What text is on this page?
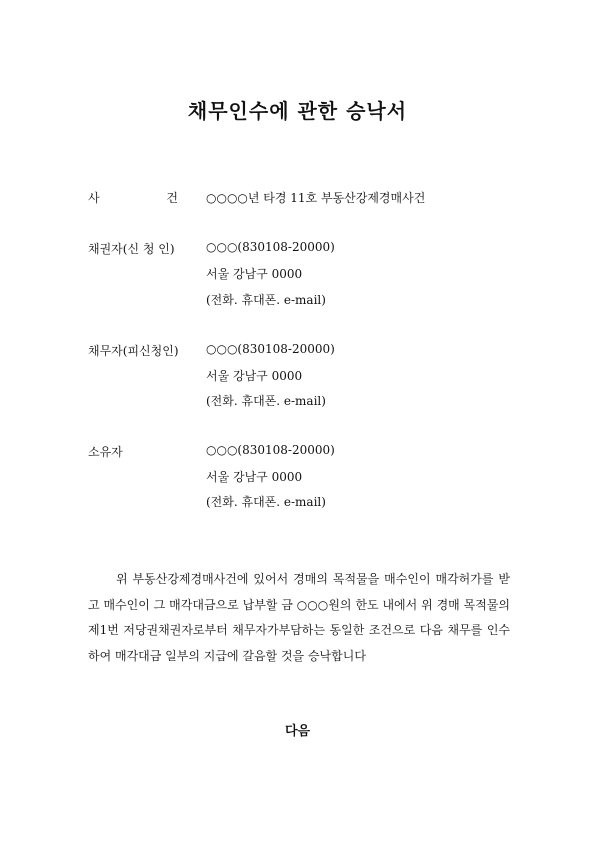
채무인수에 관한 승낙서
사	건 ○○○○년 타경 11호 부동산강제경매사건
채권자(신 청 인)	○○○(830108-20000)
서울 강남구 0000
(전화. 휴대폰. e-mail)
채무자(피신청인) ○○○(830108-20000)
서울 강남구 0000
(전화. 휴대폰. e-mail)
소유자	○○○(830108-20000)
서울 강남구 0000
(전화. 휴대폰. e-mail)
위 부동산강제경매사건에 있어서 경매의 목적물을 매수인이 매각허가를 받고 매수인이 그 매각대금으로 납부할 금 ○○○원의 한도 내에서 위 경매 목적물의 제1번 저당권채권자로부터 채무자가부담하는 동일한 조건으로 다음 채무를 인수하여 매각대금 일부의 지급에 갈음할 것을 승낙합니다
다음
